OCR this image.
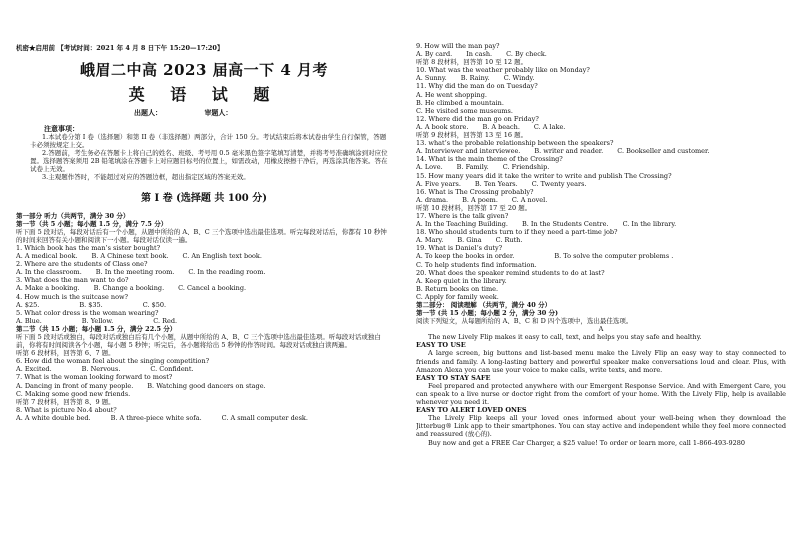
机密★启用前 【考试时间：2021 年 4 月 8 日下午 15:20—17:20】
峨眉二中高 2023 届高一下 4 月考
英 语 试 题
出题人：	审题人：
注意事项：
1.本试卷分第 I 卷（选择题）和第 II 卷（非选择题）两部分，合计 150 分。考试结束后将本试卷由学生自行保管，答题卡必须按规定上交。
2.答题前，考生务必在答题卡上将自己的姓名、班级、考号用 0.5 毫米黑色签字笔填写清楚，并将考号准确填涂到对应位置。选择题答案须用 2B 铅笔填涂在答题卡上对应题目标号的位置上，如需改动，用橡皮擦擦干净后，再选涂其他答案。答在试卷上无效。
3.主观题作答时，不能超过对应的答题边框，超出指定区域的答案无效。
第 I 卷 (选择题 共 100 分)
第一部分 听力（共两节，满分 30 分）
第一节（共 5 小题；每小题 1.5 分，满分 7.5 分）
听下面 5 段对话，每段对话后有一个小题，从题中所给的 A、B、C 三个选项中选出最佳选项。听完每段对话后，你都有 10 秒钟的时间来回答有关小题和阅读下一小题。每段对话仅读一遍。
1. Which book has the man’s sister bought?
A. A medical book. B. A Chinese text book. C. An English text book.
2. Where are the students of Class one?
A. In the classroom. B. In the meeting room. C. In the reading room.
3. What does the man want to do?
A. Make a booking. B. Change a booking. C. Cancel a booking.
4. How much is the suitcase now?
A. $25.	B. $35.	C. $50.
5. What color dress is the woman wearing?
A. Blue.	B. Yellow.	C. Red.
第二节（共 15 小题；每小题 1.5 分，满分 22.5 分）
听下面 5 段对话或独白，每段对话或独白后有几个小题，从题中所给的 A、B、C 三个选项中选出最佳选项。听每段对话或独白前，你将有时间阅读各个小题，每小题 5 秒钟；听完后，各小题将给出 5 秒钟的作答时间。每段对话或独白读两遍。
听第 6 段材料，回答第 6、7 题。
6. How did the woman feel about the singing competition?
A. Excited.	B. Nervous.	C. Confident.
7. What is the woman looking forward to most?
A. Dancing in front of many people. B. Watching good dancers on stage.
C. Making some good new friends.
听第 7 段材料，回答第 8、9 题。
8. What is picture No.4 about？
A. A white double bed.	B. A three-piece white sofa.	C. A small computer desk.
9. How will the man pay?
A. By card. In cash. C. By check.
听第 8 段材料，回答第 10 至 12 题。
10. What was the weather probably like on Monday?
A. Sunny. B. Rainy. C. Windy.
11. Why did the man do on Tuesday?
A. He went shopping.
B. He climbed a mountain.
C. He visited some museums.
12. Where did the man go on Friday?
A. A book store. B. A beach. C. A lake.
听第 9 段材料，回答第 13 至 16 题。
13. what’s the probable relationship between the speakers?
A. Interviewer and interviewee. B. writer and reader. C. Bookseller and customer.
14. What is the main theme of the Crossing?
A. Love. B. Family. C. Friendship.
15. How many years did it take the writer to write and publish The Crossing?
A. Five years. B. Ten Years. C. Twenty years.
16. What is The Crossing probably?
A. drama. B. A poem. C. A novel.
听第 10 段材料，回答第 17 至 20 题。
17. Where is the talk given?
A. In the Teaching Building. B. In the Students Centre. C. In the library.
18. Who should students turn to if they need a part-time job?
A. Mary. B. Gina C. Ruth.
19. What is Daniel’s duty?
A. To keep the books in order.	B. To solve the computer problems .
C. To help students find information.
20. What does the speaker remind students to do at last?
A. Keep quiet in the library.
B. Return books on time.
C. Apply for family week.
第二部分： 阅读理解 （共两节，满分 40 分）
第一节 (共 15 小题；每小题 2 分，满分 30 分)
阅读下列短文，从每题所给的 A、B、C 和 D 四个选项中，选出最佳选项。
A
The new Lively Flip makes it easy to call, text, and helps you stay safe and healthy.
EASY TO USE
A large screen, big buttons and list-based menu make the Lively Flip an easy way to stay connected to friends and family. A long-lasting battery and powerful speaker make conversations loud and clear. Plus, with Amazon Alexa you can use your voice to make calls, write texts, and more.
EASY TO STAY SAFE
Feel prepared and protected anywhere with our Emergent Response Service. And with Emergent Care, you can speak to a live nurse or doctor right from the comfort of your home. With the Lively Flip, help is available whenever you need it.
EASY TO ALERT LOVED ONES
The Lively Flip keeps all your loved ones informed about your well-being when they download the Jitterbug® Link app to their smartphones. You can stay active and independent while they feel more connected and reassured (放心的).
Buy now and get a FREE Car Charger, a $25 value! To order or learn more, call 1-866-493-9280
